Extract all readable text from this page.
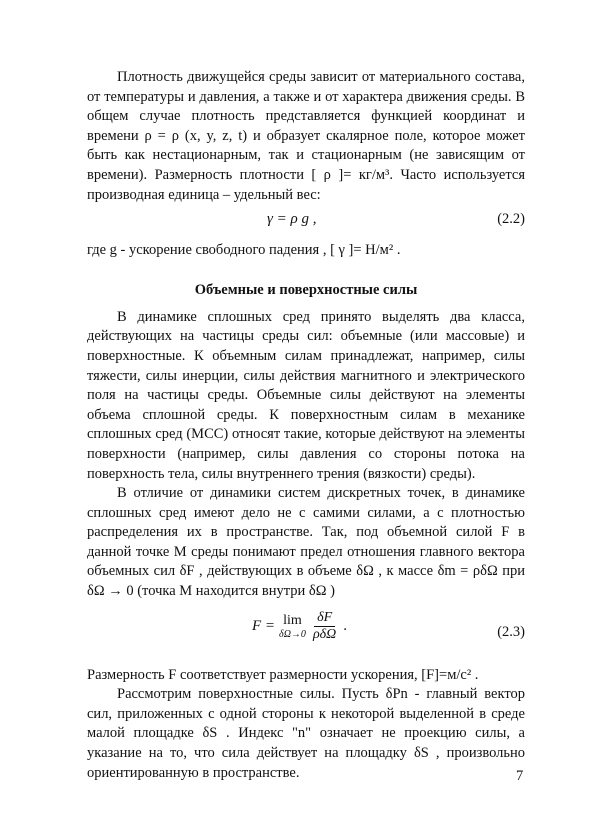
Плотность движущейся среды зависит от материального состава, от температуры и давления, а также и от характера движения среды. В общем случае плотность представляется функцией координат и времени ρ = ρ (x, y, z, t) и образует скалярное поле, которое может быть как нестационарным, так и стационарным (не зависящим от времени). Размерность плотности [ ρ ]= кг/м³. Часто используется производная единица – удельный вес:

γ = ρ g ,	(2.2)

где g - ускорение свободного падения , [ γ ]= Н/м² .

Объемные и поверхностные силы

В динамике сплошных сред принято выделять два класса, действующих на частицы среды сил: объемные (или массовые) и поверхностные. К объемным силам принадлежат, например, силы тяжести, силы инерции, силы действия магнитного и электрического поля на частицы среды. Объемные силы действуют на элементы объема сплошной среды. К поверхностным силам в механике сплошных сред (МСС) относят такие, которые действуют на элементы поверхности (например, силы давления со стороны потока на поверхность тела, силы внутреннего трения (вязкости) среды).

В отличие от динамики систем дискретных точек, в динамике сплошных сред имеют дело не с самими силами, а с плотностью распределения их в пространстве. Так, под объемной силой F в данной точке M среды понимают предел отношения главного вектора объемных сил δF , действующих в объеме δΩ , к массе δm = ρδΩ при δΩ → 0 (точка M находится внутри δΩ )

F = lim
$\delta\Omega\to 0 \frac{\delta F}{\text{ρδΩ}}$ .	(2.3)

Размерность F соответствует размерности ускорения, [F]=м/c² .

Рассмотрим поверхностные силы. Пусть δPn - главный вектор сил, приложенных с одной стороны к некоторой выделенной в среде малой площадке δS . Индекс "n" означает не проекцию силы, а указание на то, что сила действует на площадку δS , произвольно ориентированную в пространстве.	7
